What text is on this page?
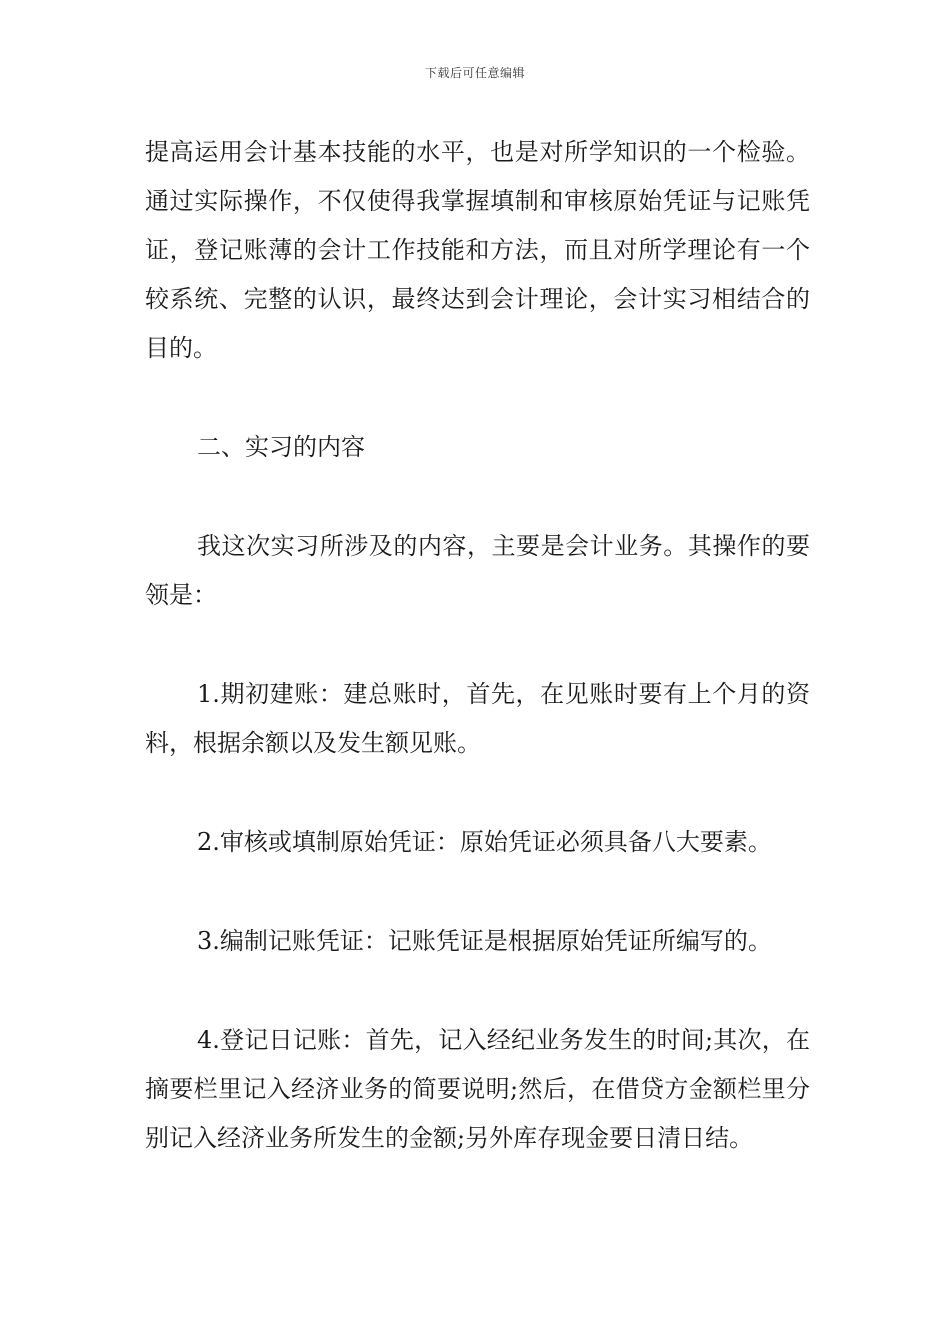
下载后可任意编辑

提高运用会计基本技能的水平，也是对所学知识的一个检验。通过实际操作，不仅使得我掌握填制和审核原始凭证与记账凭证，登记账薄的会计工作技能和方法，而且对所学理论有一个较系统、完整的认识，最终达到会计理论，会计实习相结合的目的。

二、实习的内容

我这次实习所涉及的内容，主要是会计业务。其操作的要领是：

1.期初建账：建总账时，首先，在见账时要有上个月的资料，根据余额以及发生额见账。

2.审核或填制原始凭证：原始凭证必须具备八大要素。

3.编制记账凭证：记账凭证是根据原始凭证所编写的。

4.登记日记账：首先，记入经纪业务发生的时间;其次，在摘要栏里记入经济业务的简要说明;然后，在借贷方金额栏里分别记入经济业务所发生的金额;另外库存现金要日清日结。
